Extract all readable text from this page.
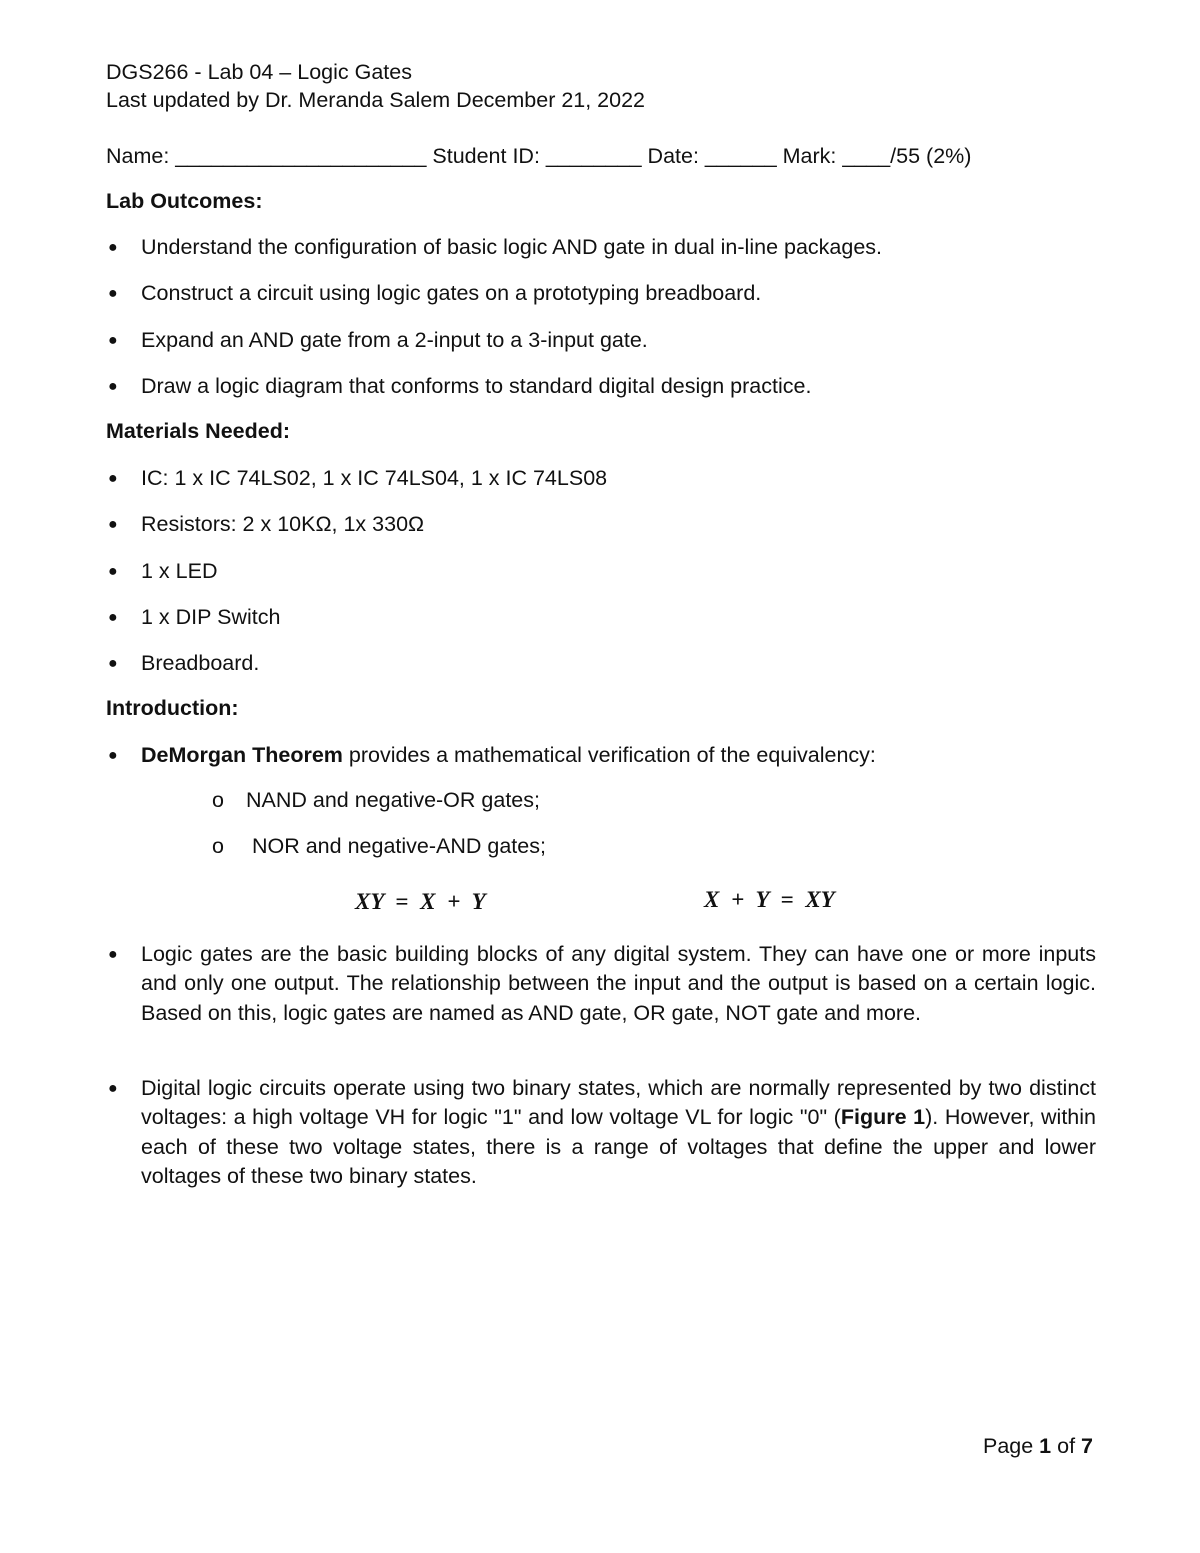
DGS266 - Lab 04 – Logic Gates
Last updated by Dr. Meranda Salem December 21, 2022
Name: _____________________ Student ID: ________ Date: ______ Mark: ____/55 (2%)
Lab Outcomes:
● Understand the configuration of basic logic AND gate in dual in-line packages.
● Construct a circuit using logic gates on a prototyping breadboard.
● Expand an AND gate from a 2-input to a 3-input gate.
● Draw a logic diagram that conforms to standard digital design practice.
Materials Needed:
● IC: 1 x IC 74LS02, 1 x IC 74LS04, 1 x IC 74LS08
● Resistors: 2 x 10KΩ, 1x 330Ω
● 1 x LED
● 1 x DIP Switch
● Breadboard.
Introduction:
● DeMorgan Theorem provides a mathematical verification of the equivalency:
o NAND and negative-OR gates;
o NOR and negative-AND gates;
XY = X + Y	X + Y = XY
● Logic gates are the basic building blocks of any digital system. They can have one or more inputs and only one output. The relationship between the input and the output is based on a certain logic. Based on this, logic gates are named as AND gate, OR gate, NOT gate and more.
● Digital logic circuits operate using two binary states, which are normally represented by two distinct voltages: a high voltage VH for logic "1" and low voltage VL for logic "0" (Figure 1). However, within each of these two voltage states, there is a range of voltages that define the upper and lower voltages of these two binary states.
Page 1 of 7
